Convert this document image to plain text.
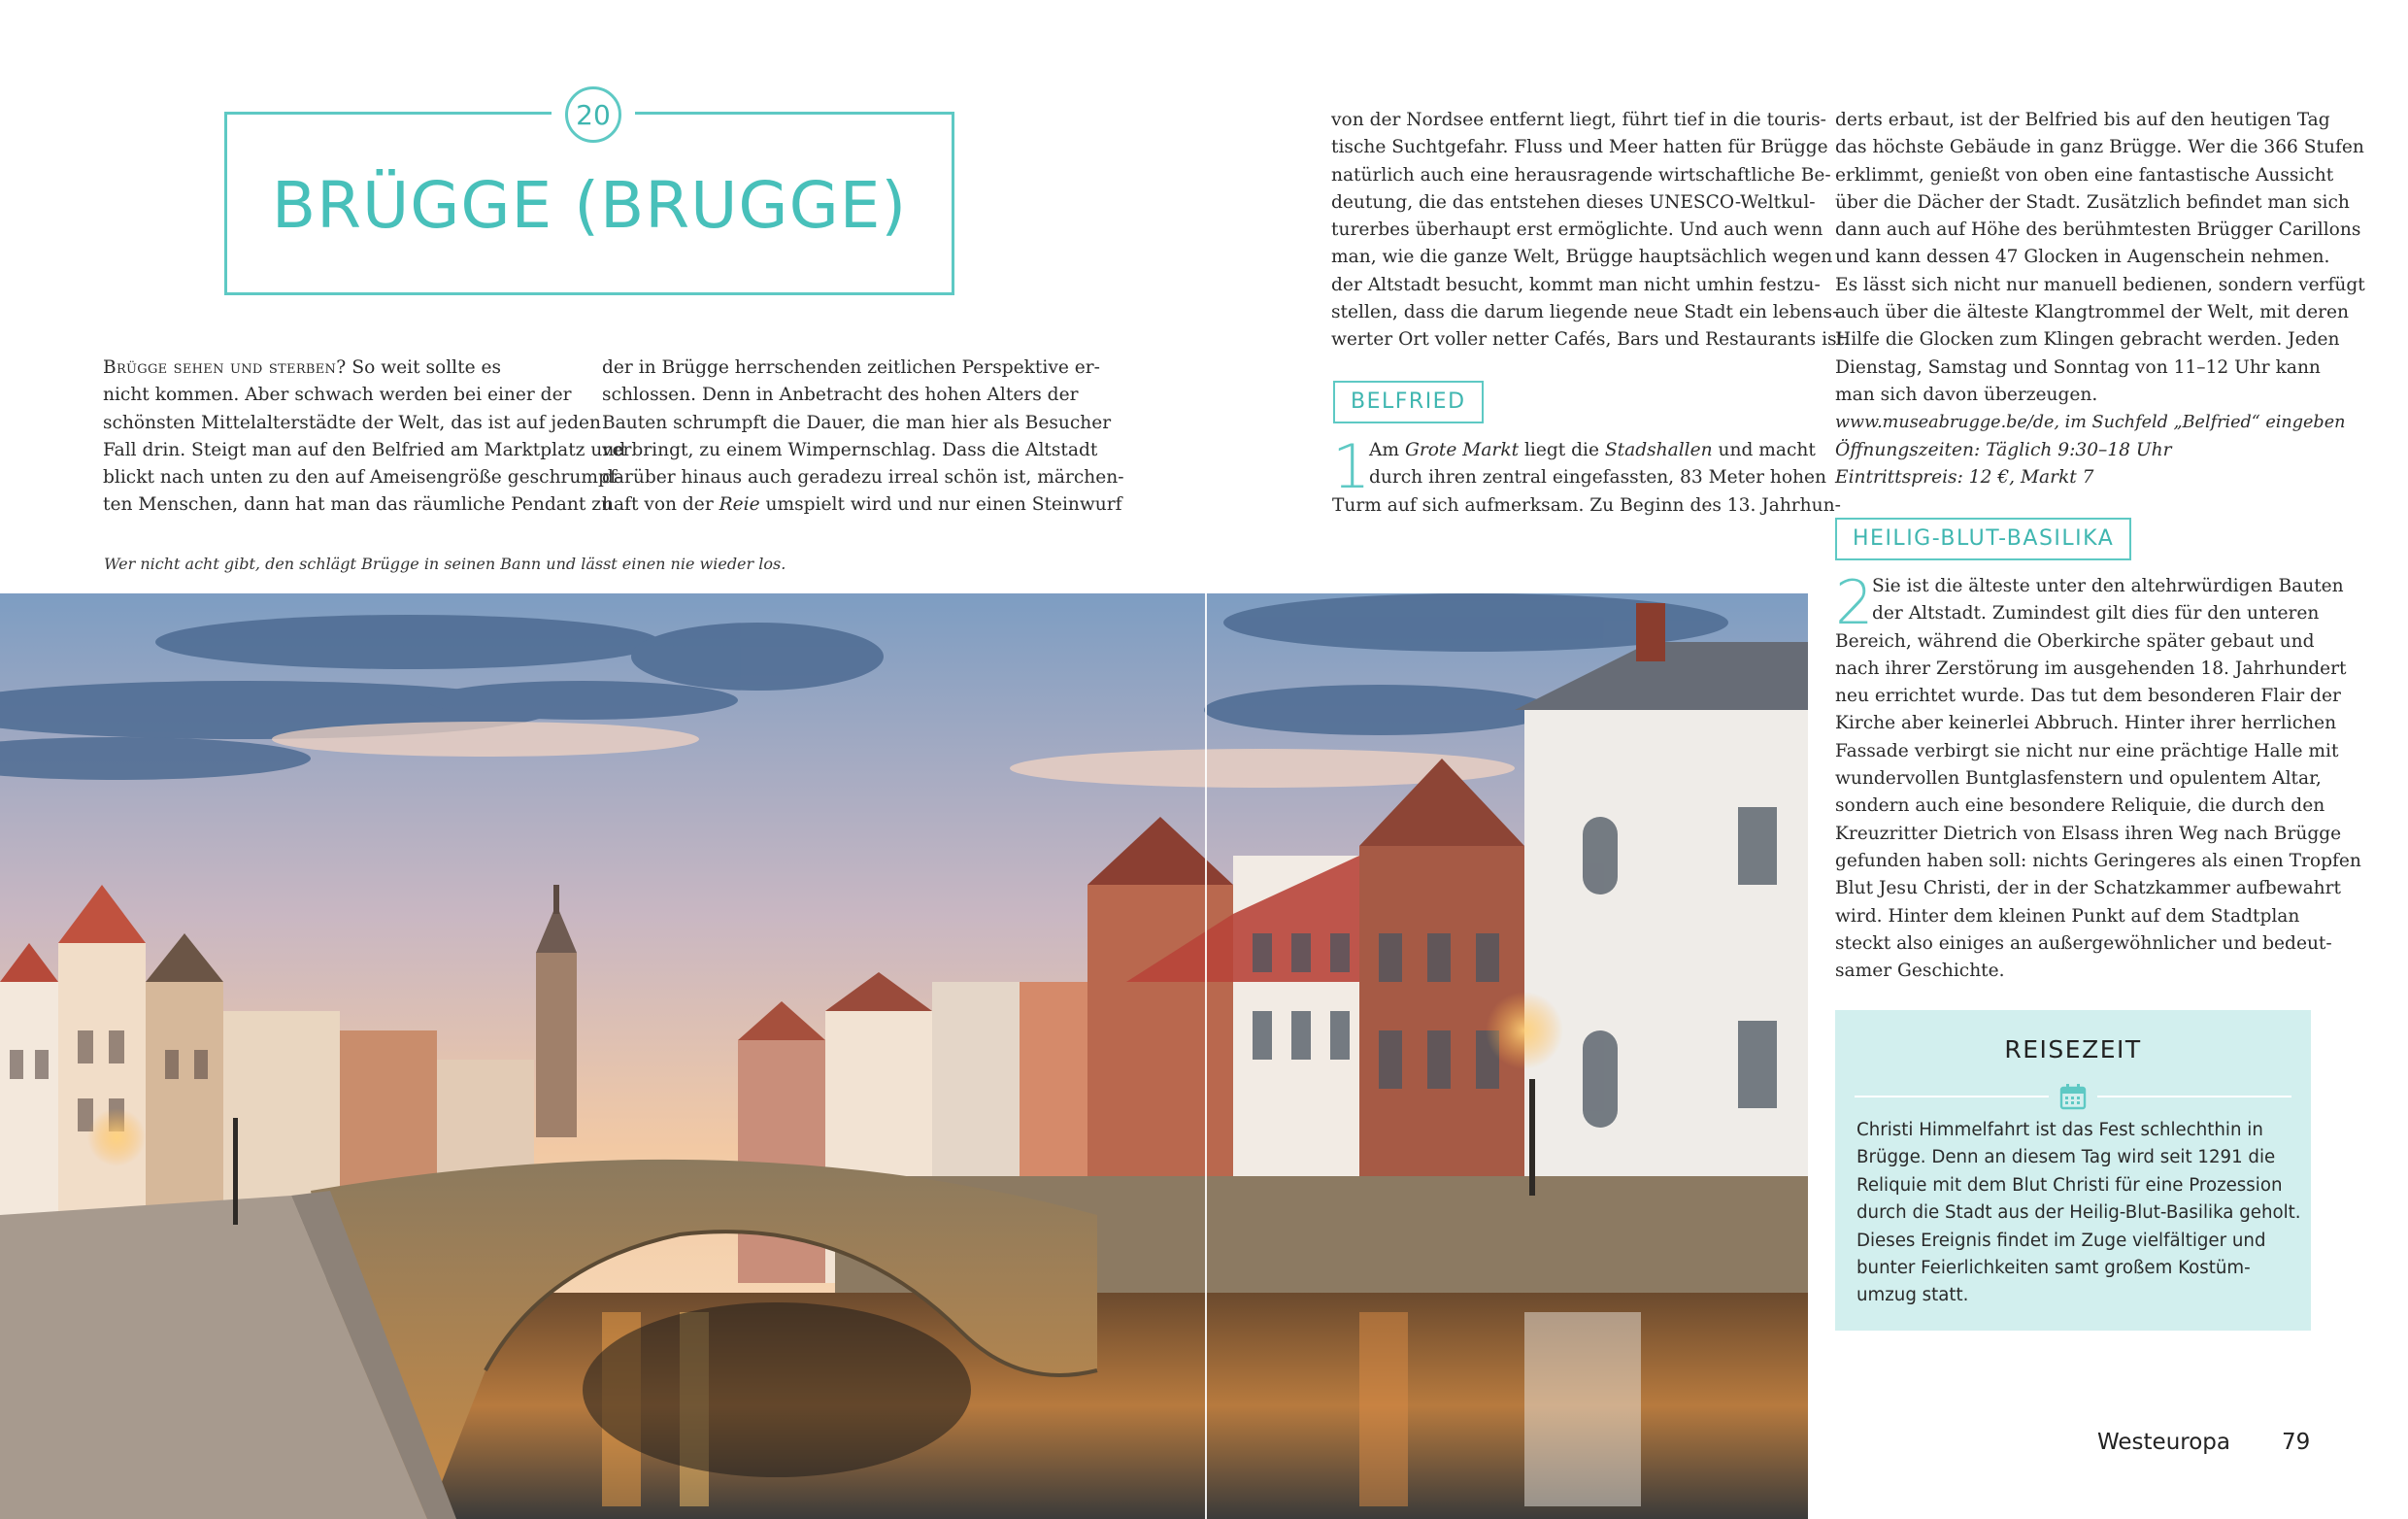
20
BRÜGGE (BRUGGE)

Brügge sehen und sterben? So weit sollte es

nicht kommen. Aber schwach werden bei einer der

schönsten Mittelalterstädte der Welt, das ist auf jeden

Fall drin. Steigt man auf den Belfried am Marktplatz und

blickt nach unten zu den auf Ameisengröße geschrumpf-

ten Menschen, dann hat man das räumliche Pendant zu

der in Brügge herrschenden zeitlichen Perspektive er-

schlossen. Denn in Anbetracht des hohen Alters der

Bauten schrumpft die Dauer, die man hier als Besucher

verbringt, zu einem Wimpernschlag. Dass die Altstadt

darüber hinaus auch geradezu irreal schön ist, märchen-

haft von der Reie umspielt wird und nur einen Steinwurf

von der Nordsee entfernt liegt, führt tief in die touris-

tische Suchtgefahr. Fluss und Meer hatten für Brügge

natürlich auch eine herausragende wirtschaftliche Be-

deutung, die das entstehen dieses UNESCO-Weltkul-

turerbes überhaupt erst ermöglichte. Und auch wenn

man, wie die ganze Welt, Brügge hauptsächlich wegen

der Altstadt besucht, kommt man nicht umhin festzu-

stellen, dass die darum liegende neue Stadt ein lebens-

werter Ort voller netter Cafés, Bars und Restaurants ist.

BELFRIED
1

Am Grote Markt liegt die Stadshallen und macht

durch ihren zentral eingefassten, 83 Meter hohen

Turm auf sich aufmerksam. Zu Beginn des 13. Jahrhun-

derts erbaut, ist der Belfried bis auf den heutigen Tag

das höchste Gebäude in ganz Brügge. Wer die 366 Stufen

erklimmt, genießt von oben eine fantastische Aussicht

über die Dächer der Stadt. Zusätzlich befindet man sich

dann auch auf Höhe des berühmtesten Brügger Carillons

und kann dessen 47 Glocken in Augenschein nehmen.

Es lässt sich nicht nur manuell bedienen, sondern verfügt

auch über die älteste Klangtrommel der Welt, mit deren

Hilfe die Glocken zum Klingen gebracht werden. Jeden

Dienstag, Samstag und Sonntag von 11–12 Uhr kann

man sich davon überzeugen.

www.museabrugge.be/de, im Suchfeld „Belfried“ eingeben

Öffnungszeiten: Täglich 9:30–18 Uhr

Eintrittspreis: 12 €, Markt 7

HEILIG-BLUT-BASILIKA
2

Sie ist die älteste unter den altehrwürdigen Bauten

der Altstadt. Zumindest gilt dies für den unteren

Bereich, während die Oberkirche später gebaut und

nach ihrer Zerstörung im ausgehenden 18. Jahrhundert

neu errichtet wurde. Das tut dem besonderen Flair der

Kirche aber keinerlei Abbruch. Hinter ihrer herrlichen

Fassade verbirgt sie nicht nur eine prächtige Halle mit

wundervollen Buntglasfenstern und opulentem Altar,

sondern auch eine besondere Reliquie, die durch den

Kreuzritter Dietrich von Elsass ihren Weg nach Brügge

gefunden haben soll: nichts Geringeres als einen Tropfen

Blut Jesu Christi, der in der Schatzkammer aufbewahrt

wird. Hinter dem kleinen Punkt auf dem Stadtplan

steckt also einiges an außergewöhnlicher und bedeut-

samer Geschichte.

Wer nicht acht gibt, den schlägt Brügge in seinen Bann und lässt einen nie wieder los.
REISEZEIT

Christi Himmelfahrt ist das Fest schlechthin in

Brügge. Denn an diesem Tag wird seit 1291 die

Reliquie mit dem Blut Christi für eine Prozession

durch die Stadt aus der Heilig-Blut-Basilika geholt.

Dieses Ereignis findet im Zuge vielfältiger und

bunter Feierlichkeiten samt großem Kostüm-

umzug statt.

Westeuropa 79
